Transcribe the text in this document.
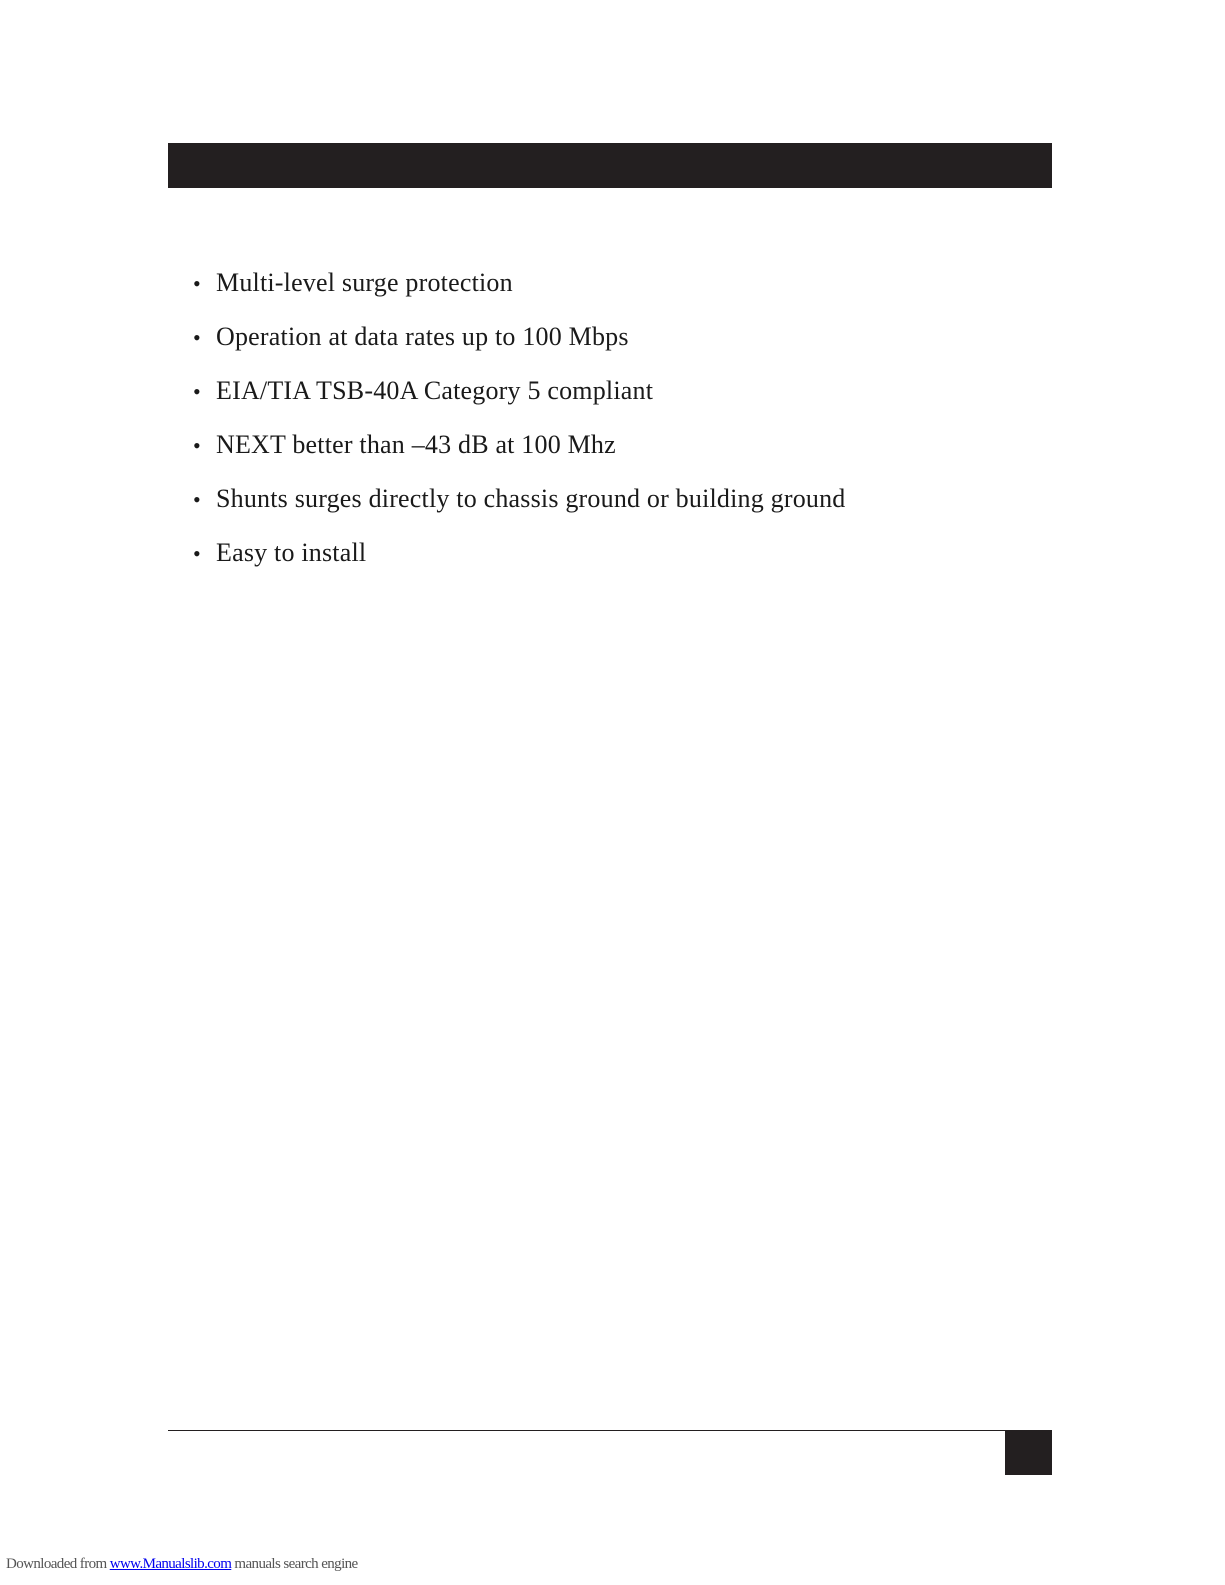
• Multi-level surge protection
• Operation at data rates up to 100 Mbps
• EIA/TIA TSB-40A Category 5 compliant
• NEXT better than –43 dB at 100 Mhz
• Shunts surges directly to chassis ground or building ground
• Easy to install
Downloaded from www.Manualslib.com manuals search engine
